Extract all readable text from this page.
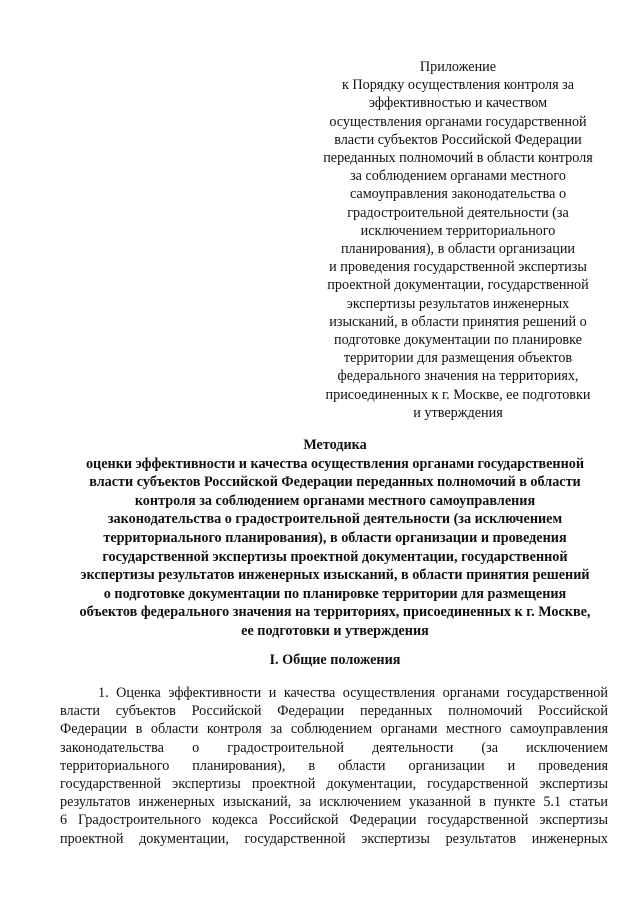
Приложение
к Порядку осуществления контроля за
эффективностью и качеством
осуществления органами государственной
власти субъектов Российской Федерации
переданных полномочий в области контроля
за соблюдением органами местного
самоуправления законодательства о
градостроительной деятельности (за
исключением территориального
планирования), в области организации
и проведения государственной экспертизы
проектной документации, государственной
экспертизы результатов инженерных
изысканий, в области принятия решений о
подготовке документации по планировке
территории для размещения объектов
федерального значения на территориях,
присоединенных к г. Москве, ее подготовки
и утверждения
Методика
оценки эффективности и качества осуществления органами государственной
власти субъектов Российской Федерации переданных полномочий в области
контроля за соблюдением органами местного самоуправления
законодательства о градостроительной деятельности (за исключением
территориального планирования), в области организации и проведения
государственной экспертизы проектной документации, государственной
экспертизы результатов инженерных изысканий, в области принятия решений
о подготовке документации по планировке территории для размещения
объектов федерального значения на территориях, присоединенных к г. Москве,
ее подготовки и утверждения
I. Общие положения
1. Оценка эффективности и качества осуществления органами государственной
власти субъектов Российской Федерации переданных полномочий Российской
Федерации в области контроля за соблюдением органами местного самоуправления
законодательства о градостроительной деятельности (за исключением
территориального планирования), в области организации и проведения
государственной экспертизы проектной документации, государственной экспертизы
результатов инженерных изысканий, за исключением указанной в пункте 5.1 статьи
6 Градостроительного кодекса Российской Федерации государственной экспертизы
проектной документации, государственной экспертизы результатов инженерных
